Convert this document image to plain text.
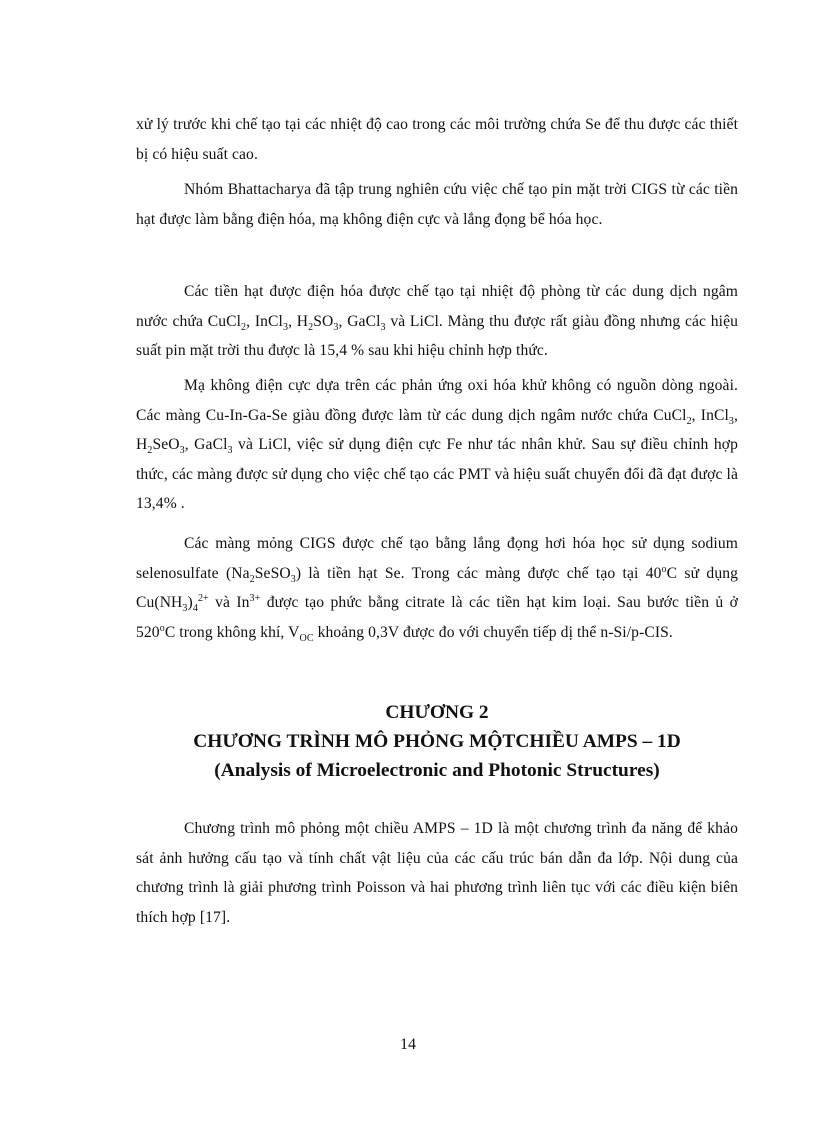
xử lý trước khi chế tạo tại các nhiệt độ cao trong các môi trường chứa Se để thu được các thiết bị có hiệu suất cao.

Nhóm Bhattacharya đã tập trung nghiên cứu việc chế tạo pin mặt trời CIGS từ các tiền hạt được làm bằng điện hóa, mạ không điện cực và lắng đọng bể hóa học.

Các tiền hạt được điện hóa được chế tạo tại nhiệt độ phòng từ các dung dịch ngâm nước chứa CuCl$_2$, InCl$_3$, $H_2SO_3$, GaCl$_3$ và LiCl. Màng thu được rất giàu đồng nhưng các hiệu suất pin mặt trời thu được là 15,4 % sau khi hiệu chỉnh hợp thức.

Mạ không điện cực dựa trên các phản ứng oxi hóa khử không có nguồn dòng ngoài. Các màng Cu-In-Ga-Se giàu đồng được làm từ các dung dịch ngâm nước chứa CuCl$_2$, InCl$_3$, $H_2SeO_3$, GaCl$_3$ và LiCl, việc sử dụng điện cực Fe như tác nhân khử. Sau sự điều chỉnh hợp thức, các màng được sử dụng cho việc chế tạo các PMT và hiệu suất chuyển đổi đã đạt được là 13,4% .

Các màng mỏng CIGS được chế tạo bằng lắng đọng hơi hóa học sử dụng sodium selenosulfate $(Na_2SeSO_3)$ là tiền hạt Se. Trong các màng được chế tạo tại 40$^o$C sử dụng $Cu(NH_3)_4^{2+}$ và $In^{3+}$ được tạo phức bằng citrate là các tiền hạt kim loại. Sau bước tiền ủ ở 520$^o$C trong không khí, $V_{OC}$ khoảng 0,3V được đo với chuyển tiếp dị thể n-Si/p-CIS.

CHƯƠNG 2
CHƯƠNG TRÌNH MÔ PHỎNG MỘTCHIỀU AMPS – 1D
(Analysis of Microelectronic and Photonic Structures)

Chương trình mô phỏng một chiều AMPS – 1D là một chương trình đa năng để khảo sát ảnh hưởng cấu tạo và tính chất vật liệu của các cấu trúc bán dẫn đa lớp. Nội dung của chương trình là giải phương trình Poisson và hai phương trình liên tục với các điều kiện biên thích hợp [17].

14
